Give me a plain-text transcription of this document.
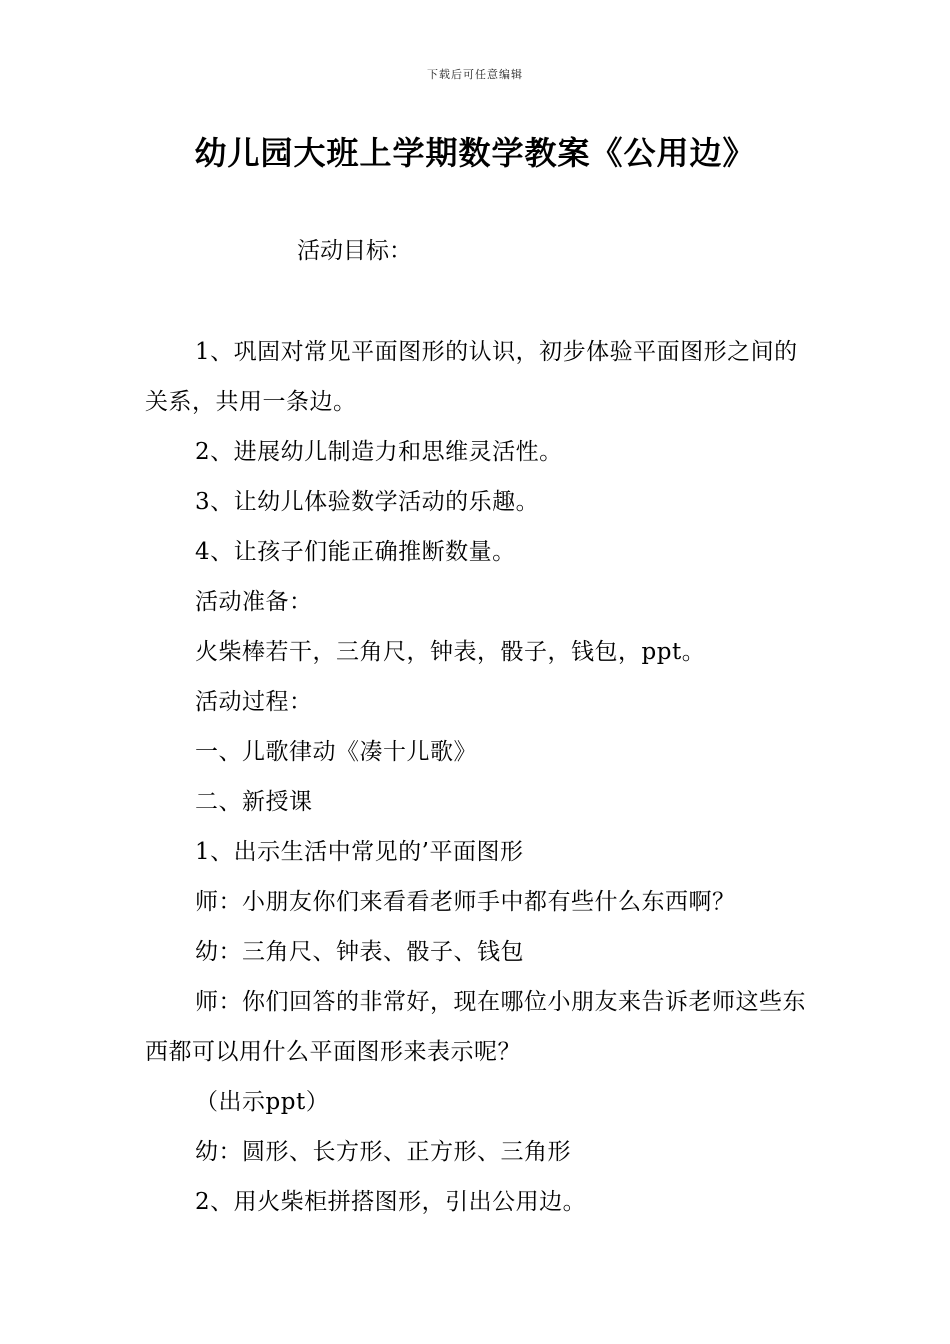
下载后可任意编辑
幼儿园大班上学期数学教案《公用边》
活动目标：

1、巩固对常见平面图形的认识，初步体验平面图形之间的关系，共用一条边。

2、进展幼儿制造力和思维灵活性。

3、让幼儿体验数学活动的乐趣。

4、让孩子们能正确推断数量。

活动准备：

火柴棒若干，三角尺，钟表，骰子，钱包，ppt。

活动过程：

一、儿歌律动《凑十儿歌》

二、新授课

1、出示生活中常见的’平面图形

师：小朋友你们来看看老师手中都有些什么东西啊？

幼：三角尺、钟表、骰子、钱包

师：你们回答的非常好，现在哪位小朋友来告诉老师这些东西都可以用什么平面图形来表示呢？

（出示ppt）

幼：圆形、长方形、正方形、三角形

2、用火柴柜拼搭图形，引出公用边。
